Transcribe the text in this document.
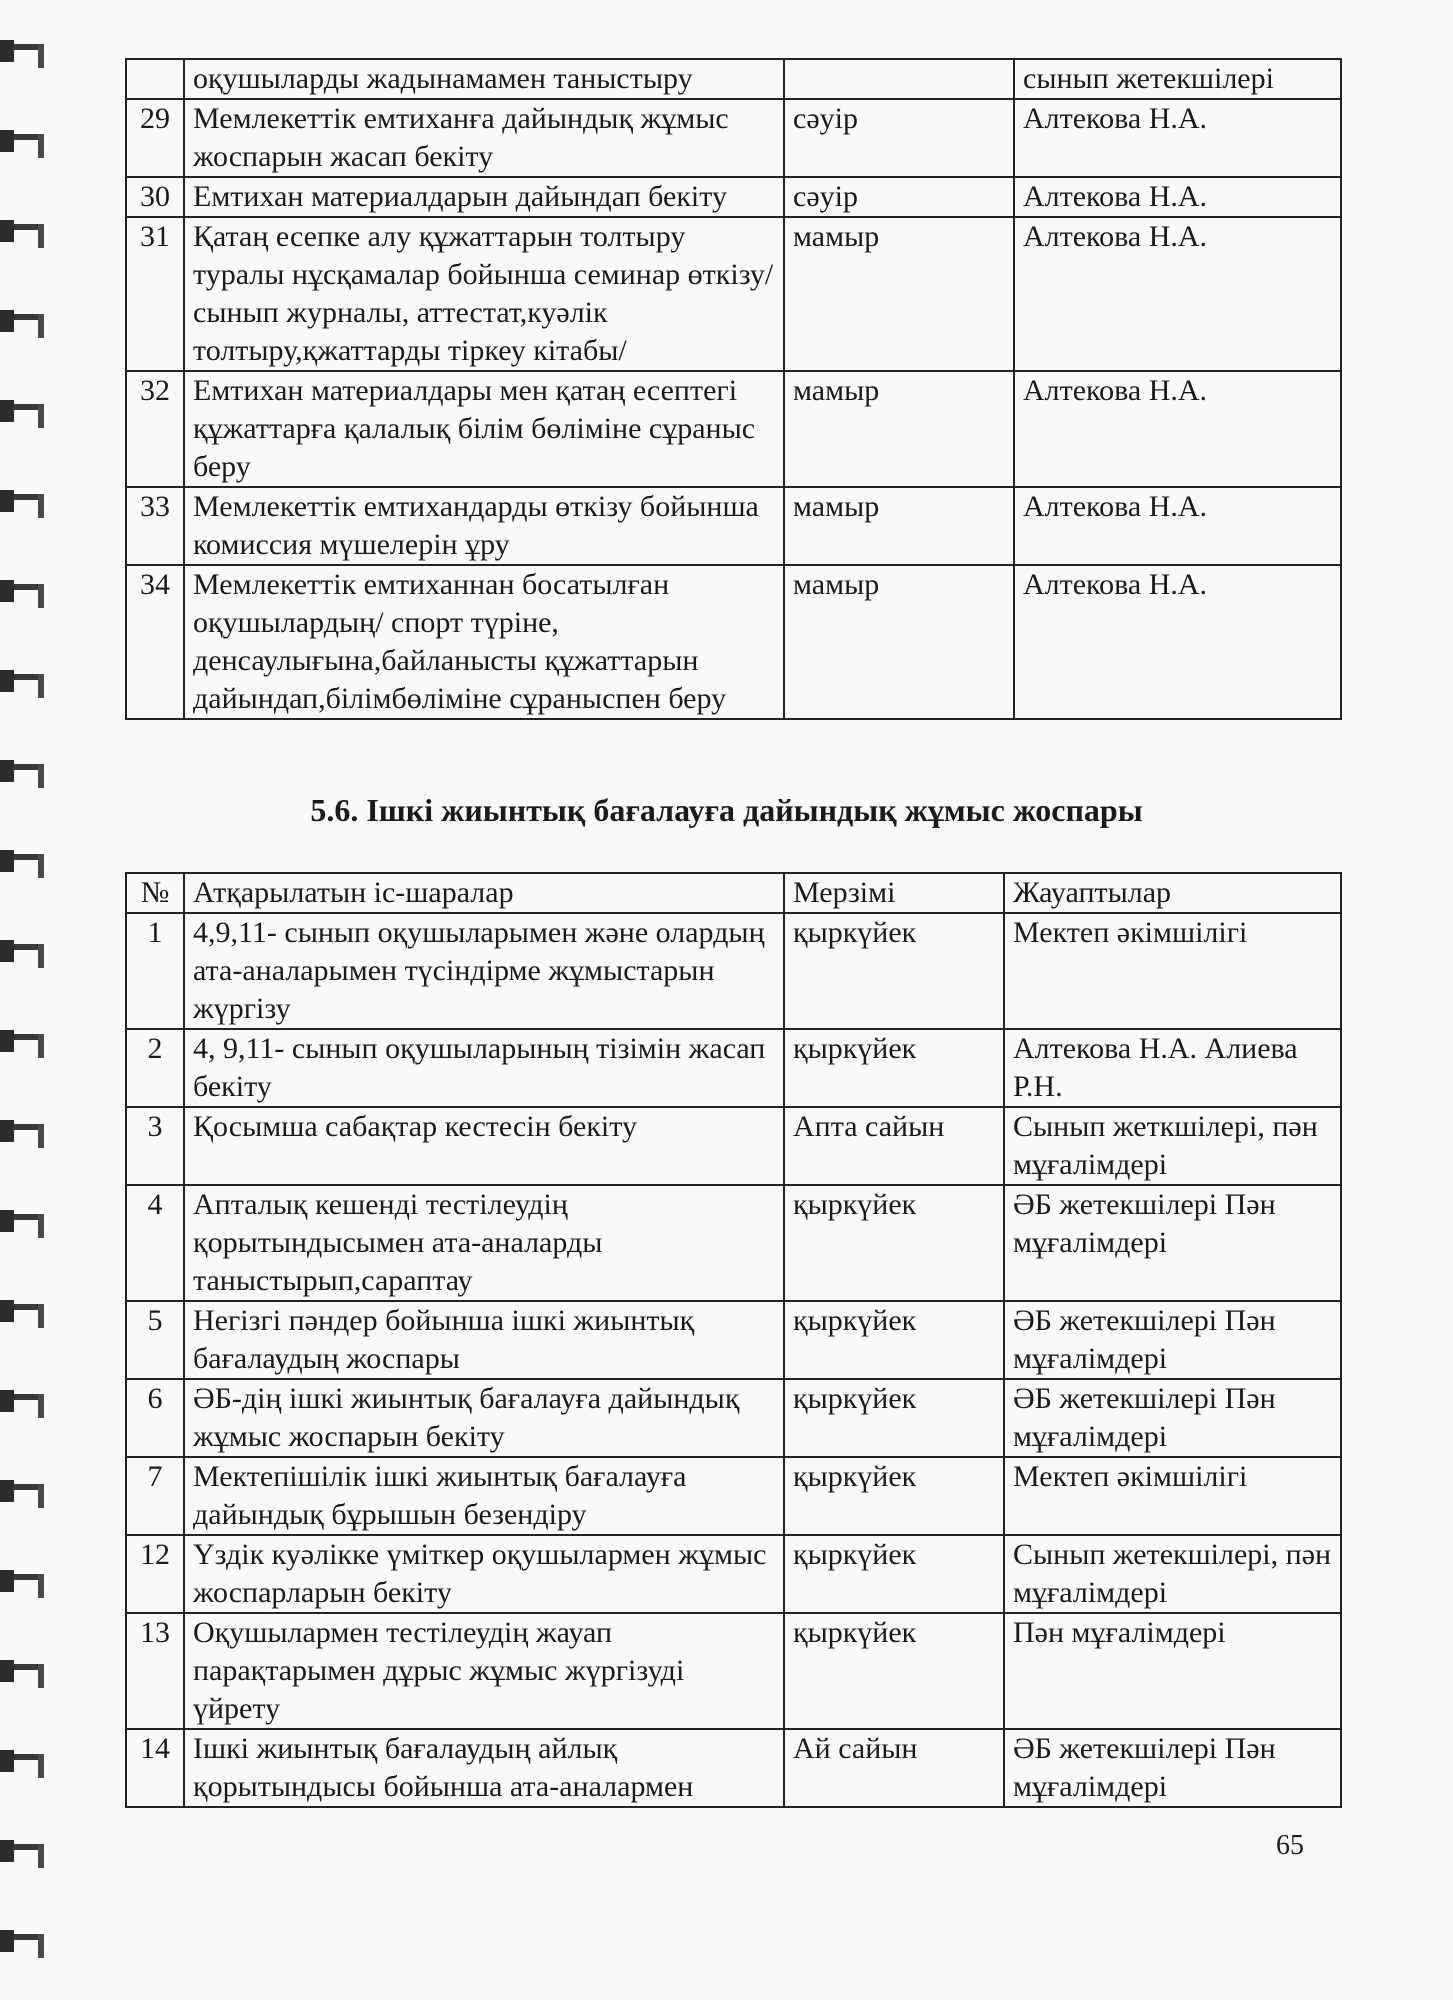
	оқушыларды жадынамамен таныстыру		сынып жетекшілері
29	Мемлекеттік емтиханға дайындық жұмыс жоспарын жасап бекіту	сәуір	Алтекова Н.А.
30	Емтихан материалдарын дайындап бекіту	сәуір	Алтекова Н.А.
31	Қатаң есепке алу құжаттарын толтыру туралы нұсқамалар бойынша семинар өткізу/сынып журналы, аттестат,куәлік толтыру,қжаттарды тіркеу кітабы/	мамыр	Алтекова Н.А.
32	Емтихан материалдары мен қатаң есептегі құжаттарға қалалық білім бөліміне сұраныс беру	мамыр	Алтекова Н.А.
33	Мемлекеттік емтихандарды өткізу бойынша комиссия мүшелерін ұру	мамыр	Алтекова Н.А.
34	Мемлекеттік емтиханнан босатылған оқушылардың/ спорт түріне, денсаулығына,байланысты құжаттарын дайындап,білімбөліміне сұраныспен беру	мамыр	Алтекова Н.А.
5.6. Ішкі жиынтық бағалауға дайындық жұмыс жоспары
№	Атқарылатын іс-шаралар	Мерзімі	Жауаптылар
1	4,9,11- сынып оқушыларымен және олардың ата-аналарымен түсіндірме жұмыстарын жүргізу	қыркүйек	Мектеп әкімшілігі
2	4, 9,11- сынып оқушыларының тізімін жасап бекіту	қыркүйек	Алтекова Н.А. Алиева Р.Н.
3	Қосымша сабақтар кестесін бекіту	Апта сайын	Сынып жеткшілері, пән мұғалімдері
4	Апталық кешенді тестілеудің қорытындысымен ата-аналарды таныстырып,сараптау	қыркүйек	ӘБ жетекшілері Пән мұғалімдері
5	Негізгі пәндер бойынша ішкі жиынтық бағалаудың жоспары	қыркүйек	ӘБ жетекшілері Пән мұғалімдері
6	ӘБ-дің ішкі жиынтық бағалауға дайындық жұмыс жоспарын бекіту	қыркүйек	ӘБ жетекшілері Пән мұғалімдері
7	Мектепішілік ішкі жиынтық бағалауға дайындық бұрышын безендіру	қыркүйек	Мектеп әкімшілігі
12	Үздік куәлікке үміткер оқушылармен жұмыс жоспарларын бекіту	қыркүйек	Сынып жетекшілері, пән мұғалімдері
13	Оқушылармен тестілеудің жауап парақтарымен дұрыс жұмыс жүргізуді үйрету	қыркүйек	Пән мұғалімдері
14	Ішкі жиынтық бағалаудың айлық қорытындысы бойынша ата-аналармен	Ай сайын	ӘБ жетекшілері Пән мұғалімдері
65
